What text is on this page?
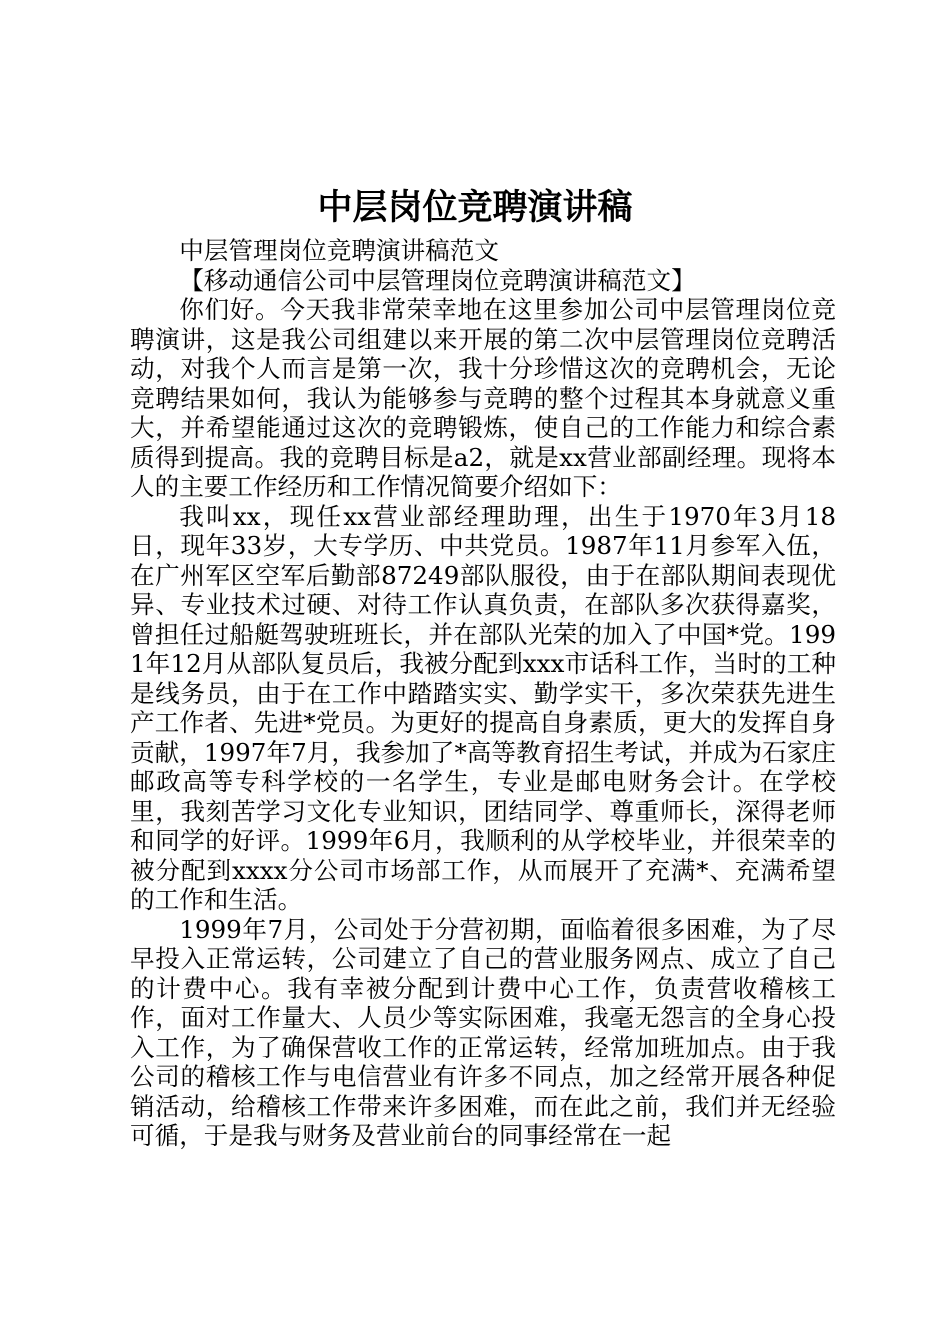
中层岗位竞聘演讲稿

中层管理岗位竞聘演讲稿范文

【移动通信公司中层管理岗位竞聘演讲稿范文】

你们好。今天我非常荣幸地在这里参加公司中层管理岗位竞聘演讲，这是我公司组建以来开展的第二次中层管理岗位竞聘活动，对我个人而言是第一次，我十分珍惜这次的竞聘机会，无论竞聘结果如何，我认为能够参与竞聘的整个过程其本身就意义重大，并希望能通过这次的竞聘锻炼，使自己的工作能力和综合素质得到提高。我的竞聘目标是a2，就是xx营业部副经理。现将本人的主要工作经历和工作情况简要介绍如下：

我叫xx，现任xx营业部经理助理，出生于1970年3月18日，现年33岁，大专学历、中共党员。1987年11月参军入伍，在广州军区空军后勤部87249部队服役，由于在部队期间表现优异、专业技术过硬、对待工作认真负责，在部队多次获得嘉奖，曾担任过船艇驾驶班班长，并在部队光荣的加入了中国*党。1991年12月从部队复员后，我被分配到xxx市话科工作，当时的工种是线务员，由于在工作中踏踏实实、勤学实干，多次荣获先进生产工作者、先进*党员。为更好的提高自身素质，更大的发挥自身贡献，1997年7月，我参加了*高等教育招生考试，并成为石家庄邮政高等专科学校的一名学生，专业是邮电财务会计。在学校里，我刻苦学习文化专业知识，团结同学、尊重师长，深得老师和同学的好评。1999年6月，我顺利的从学校毕业，并很荣幸的被分配到xxxx分公司市场部工作，从而展开了充满*、充满希望的工作和生活。

1999年7月，公司处于分营初期，面临着很多困难，为了尽早投入正常运转，公司建立了自己的营业服务网点、成立了自己的计费中心。我有幸被分配到计费中心工作，负责营收稽核工作，面对工作量大、人员少等实际困难，我毫无怨言的全身心投入工作，为了确保营收工作的正常运转，经常加班加点。由于我公司的稽核工作与电信营业有许多不同点，加之经常开展各种促销活动，给稽核工作带来许多困难，而在此之前，我们并无经验可循，于是我与财务及营业前台的同事经常在一起
